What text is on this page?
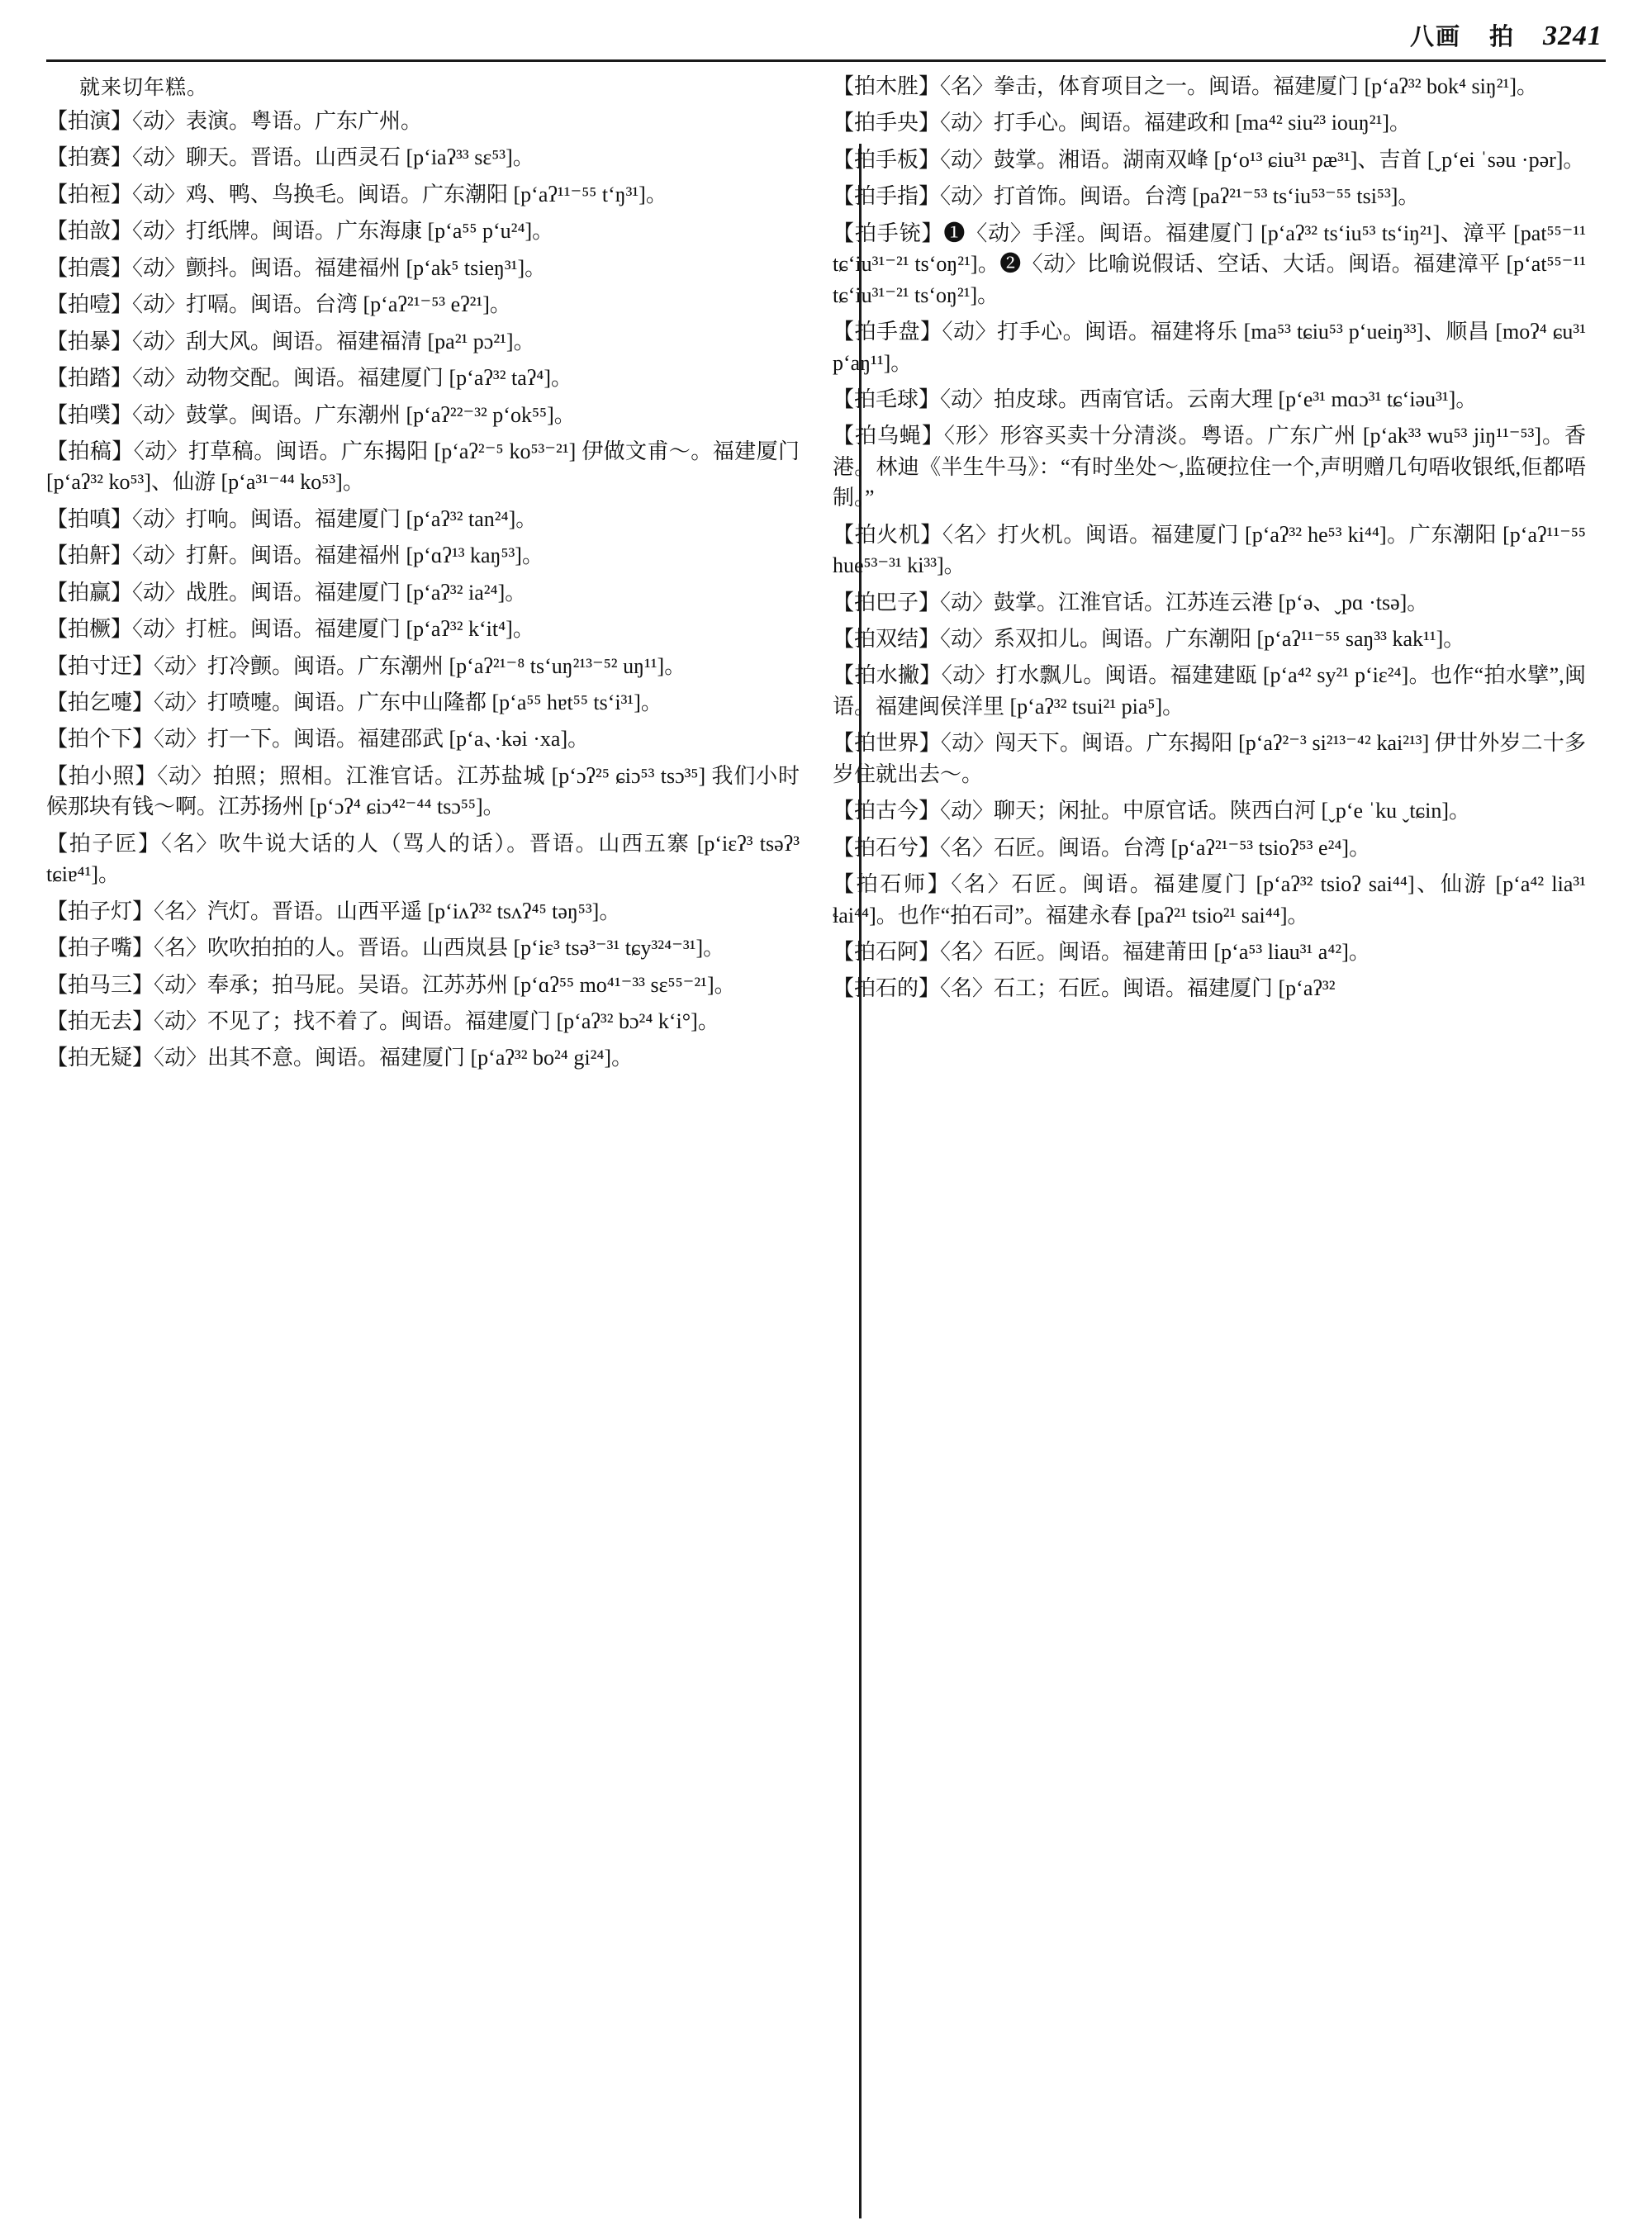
八画 拍 3241
就来切年糕。
【拍演】〈动〉表演。粤语。广东广州。
【拍赛】〈动〉聊天。晋语。山西灵石 [p‘iaʔ³³ sɛ⁵³]。
【拍裋】〈动〉鸡、鸭、鸟换毛。闽语。广东潮阳 [p‘aʔ¹¹⁻⁵⁵ t‘ŋ³¹]。
【拍敨】〈动〉打纸牌。闽语。广东海康 [p‘a⁵⁵ p‘u²⁴]。
【拍震】〈动〉颤抖。闽语。福建福州 [p‘ak⁵ tsieŋ³¹]。
【拍噎】〈动〉打嗝。闽语。台湾 [p‘aʔ²¹⁻⁵³ eʔ²¹]。
【拍暴】〈动〉刮大风。闽语。福建福清 [pa²¹ pɔ²¹]。
【拍踏】〈动〉动物交配。闽语。福建厦门 [p‘aʔ³² taʔ⁴]。
【拍噗】〈动〉鼓掌。闽语。广东潮州 [p‘aʔ²²⁻³² p‘ok⁵⁵]。
【拍稿】〈动〉打草稿。闽语。广东揭阳 [p‘aʔ²⁻⁵ ko⁵³⁻²¹] 伊做文甫～。福建厦门 [p‘aʔ³² ko⁵³]、仙游 [p‘a³¹⁻⁴⁴ ko⁵³]。
【拍嗔】〈动〉打响。闽语。福建厦门 [p‘aʔ³² tan²⁴]。
【拍鼾】〈动〉打鼾。闽语。福建福州 [p‘ɑʔ¹³ kaŋ⁵³]。
【拍赢】〈动〉战胜。闽语。福建厦门 [p‘aʔ³² ia²⁴]。
【拍橛】〈动〉打桩。闽语。福建厦门 [p‘aʔ³² k‘it⁴]。
【拍寸迀】〈动〉打冷颤。闽语。广东潮州 [p‘aʔ²¹⁻⁸ ts‘uŋ²¹³⁻⁵² uŋ¹¹]。
【拍乞嚏】〈动〉打喷嚏。闽语。广东中山隆都 [p‘a⁵⁵ hɐt⁵⁵ ts‘i³¹]。
【拍个下】〈动〉打一下。闽语。福建邵武 [p‘a、·kəi ·xa]。
【拍小照】〈动〉拍照；照相。江淮官话。江苏盐城 [p‘ɔʔ²⁵ ɕiɔ⁵³ tsɔ³⁵] 我们小时候那块有钱～啊。江苏扬州 [p‘ɔʔ⁴ ɕiɔ⁴²⁻⁴⁴ tsɔ⁵⁵]。
【拍子匠】〈名〉吹牛说大话的人（骂人的话）。晋语。山西五寨 [p‘iɛʔ³ tsəʔ³ tɕiɐ⁴¹]。
【拍子灯】〈名〉汽灯。晋语。山西平遥 [p‘iʌʔ³² tsʌʔ⁴⁵ təŋ⁵³]。
【拍子嘴】〈名〉吹吹拍拍的人。晋语。山西岚县 [p‘iɛ³ tsə³⁻³¹ tɕy³²⁴⁻³¹]。
【拍马三】〈动〉奉承；拍马屁。吴语。江苏苏州 [p‘ɑʔ⁵⁵ mo⁴¹⁻³³ sɛ⁵⁵⁻²¹]。
【拍无去】〈动〉不见了；找不着了。闽语。福建厦门 [p‘aʔ³² bɔ²⁴ k‘i°]。
【拍无疑】〈动〉出其不意。闽语。福建厦门 [p‘aʔ³² bo²⁴ gi²⁴]。
【拍木胜】〈名〉拳击，体育项目之一。闽语。福建厦门 [p‘aʔ³² bok⁴ siŋ²¹]。
【拍手央】〈动〉打手心。闽语。福建政和 [ma⁴² siu²³ iouŋ²¹]。
【拍手板】〈动〉鼓掌。湘语。湖南双峰 [p‘o¹³ ɕiu³¹ pæ³¹]、吉首 [ˬp‘ei ˈsəu ·pər]。
【拍手指】〈动〉打首饰。闽语。台湾 [paʔ²¹⁻⁵³ ts‘iu⁵³⁻⁵⁵ tsi⁵³]。
【拍手铳】❶〈动〉手淫。闽语。福建厦门 [p‘aʔ³² ts‘iu⁵³ ts‘iŋ²¹]、漳平 [pat⁵⁵⁻¹¹ tɕ‘iu³¹⁻²¹ ts‘oŋ²¹]。❷〈动〉比喻说假话、空话、大话。闽语。福建漳平 [p‘at⁵⁵⁻¹¹ tɕ‘iu³¹⁻²¹ ts‘oŋ²¹]。
【拍手盘】〈动〉打手心。闽语。福建将乐 [ma⁵³ tɕiu⁵³ p‘ueiŋ³³]、顺昌 [moʔ⁴ ɕu³¹ p‘aŋ¹¹]。
【拍毛球】〈动〉拍皮球。西南官话。云南大理 [p‘e³¹ mɑɔ³¹ tɕ‘iəu³¹]。
【拍乌蝇】〈形〉形容买卖十分清淡。粤语。广东广州 [p‘ak³³ wu⁵³ jiŋ¹¹⁻⁵³]。香港。林迪《半生牛马》：“有时坐处～,监硬拉住一个,声明赠几句唔收银纸,佢都唔制。”
【拍火机】〈名〉打火机。闽语。福建厦门 [p‘aʔ³² he⁵³ ki⁴⁴]。广东潮阳 [p‘aʔ¹¹⁻⁵⁵ hue⁵³⁻³¹ ki³³]。
【拍巴子】〈动〉鼓掌。江淮官话。江苏连云港 [p‘ə、ˬpɑ ·tsə]。
【拍双结】〈动〉系双扣儿。闽语。广东潮阳 [p‘aʔ¹¹⁻⁵⁵ saŋ³³ kak¹¹]。
【拍水撇】〈动〉打水飘儿。闽语。福建建瓯 [p‘a⁴² sy²¹ p‘iɛ²⁴]。也作“拍水擘”,闽语。福建闽侯洋里 [p‘aʔ³² tsui²¹ pia⁵]。
【拍世界】〈动〉闯天下。闽语。广东揭阳 [p‘aʔ²⁻³ si²¹³⁻⁴² kai²¹³] 伊廿外岁二十多岁住就出去～。
【拍古今】〈动〉聊天；闲扯。中原官话。陕西白河 [ˬp‘e ˈku ˬtɕin]。
【拍石兮】〈名〉石匠。闽语。台湾 [p‘aʔ²¹⁻⁵³ tsioʔ⁵³ e²⁴]。
【拍石师】〈名〉石匠。闽语。福建厦门 [p‘aʔ³² tsioʔ sai⁴⁴]、仙游 [p‘a⁴² lia³¹ ɬai⁴⁴]。也作“拍石司”。福建永春 [paʔ²¹ tsio²¹ sai⁴⁴]。
【拍石阿】〈名〉石匠。闽语。福建莆田 [p‘a⁵³ liau³¹ a⁴²]。
【拍石的】〈名〉石工；石匠。闽语。福建厦门 [p‘aʔ³²
